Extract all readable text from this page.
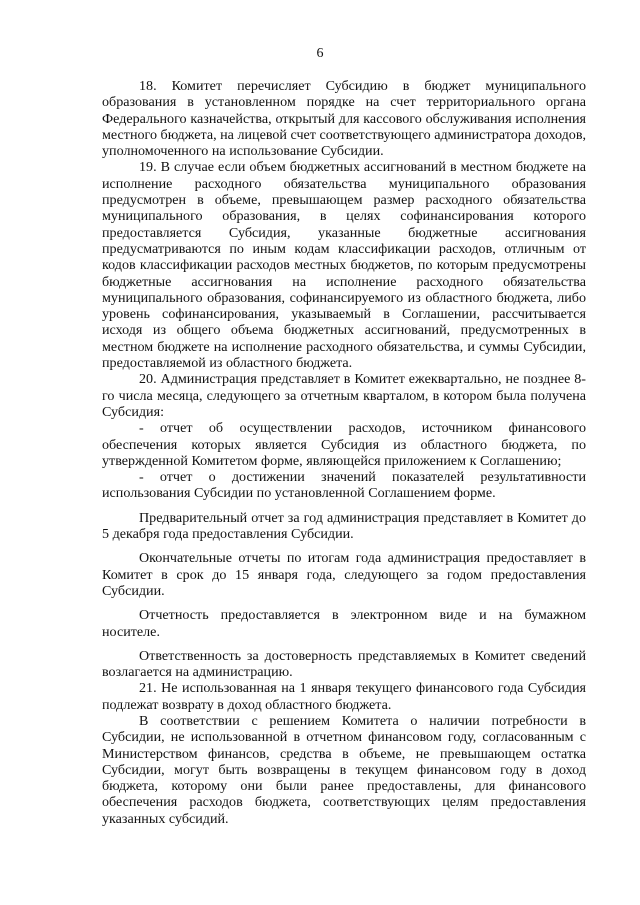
6

18. Комитет перечисляет Субсидию в бюджет муниципального образования в установленном порядке на счет территориального органа Федерального казначейства, открытый для кассового обслуживания исполнения местного бюджета, на лицевой счет соответствующего администратора доходов, уполномоченного на использование Субсидии.

19. В случае если объем бюджетных ассигнований в местном бюджете на исполнение расходного обязательства муниципального образования предусмотрен в объеме, превышающем размер расходного обязательства муниципального образования, в целях софинансирования которого предоставляется Субсидия, указанные бюджетные ассигнования предусматриваются по иным кодам классификации расходов, отличным от кодов классификации расходов местных бюджетов, по которым предусмотрены бюджетные ассигнования на исполнение расходного обязательства муниципального образования, софинансируемого из областного бюджета, либо уровень софинансирования, указываемый в Соглашении, рассчитывается исходя из общего объема бюджетных ассигнований, предусмотренных в местном бюджете на исполнение расходного обязательства, и суммы Субсидии, предоставляемой из областного бюджета.

20. Администрация представляет в Комитет ежеквартально, не позднее 8-го числа месяца, следующего за отчетным кварталом, в котором была получена Субсидия:

- отчет об осуществлении расходов, источником финансового обеспечения которых является Субсидия из областного бюджета, по утвержденной Комитетом форме, являющейся приложением к Соглашению;

- отчет о достижении значений показателей результативности использования Субсидии по установленной Соглашением форме.

Предварительный отчет за год администрация представляет в Комитет до 5 декабря года предоставления Субсидии.

Окончательные отчеты по итогам года администрация предоставляет в Комитет в срок до 15 января года, следующего за годом предоставления Субсидии.

Отчетность предоставляется в электронном виде и на бумажном носителе.

Ответственность за достоверность представляемых в Комитет сведений возлагается на администрацию.

21. Не использованная на 1 января текущего финансового года Субсидия подлежат возврату в доход областного бюджета.

В соответствии с решением Комитета о наличии потребности в Субсидии, не использованной в отчетном финансовом году, согласованным с Министерством финансов, средства в объеме, не превышающем остатка Субсидии, могут быть возвращены в текущем финансовом году в доход бюджета, которому они были ранее предоставлены, для финансового обеспечения расходов бюджета, соответствующих целям предоставления указанных субсидий.
